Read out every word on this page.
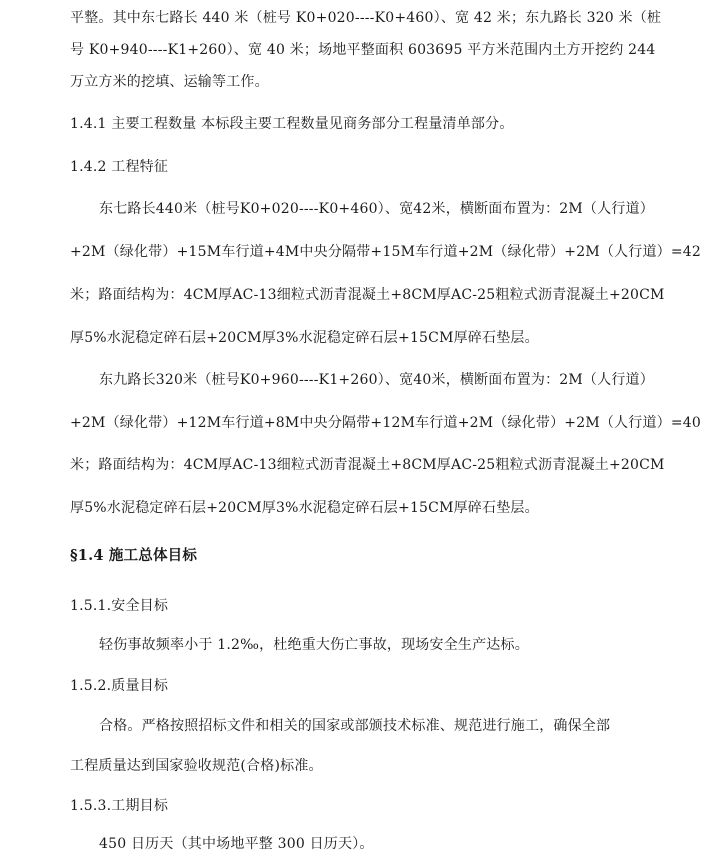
平整。其中东七路长 440 米（桩号 K0+020----K0+460）、宽 42 米；东九路长 320 米（桩
号 K0+940----K1+260）、宽 40 米；场地平整面积 603695 平方米范围内土方开挖约 244
万立方米的挖填、运输等工作。
1.4.1 主要工程数量 本标段主要工程数量见商务部分工程量清单部分。
1.4.2 工程特征
东七路长440米（桩号K0+020----K0+460）、宽42米，横断面布置为：2M（人行道）
+2M（绿化带）+15M车行道+4M中央分隔带+15M车行道+2M（绿化带）+2M（人行道）=42
米；路面结构为：4CM厚AC-13细粒式沥青混凝土+8CM厚AC-25粗粒式沥青混凝土+20CM
厚5%水泥稳定碎石层+20CM厚3%水泥稳定碎石层+15CM厚碎石垫层。
东九路长320米（桩号K0+960----K1+260）、宽40米，横断面布置为：2M（人行道）
+2M（绿化带）+12M车行道+8M中央分隔带+12M车行道+2M（绿化带）+2M（人行道）=40
米；路面结构为：4CM厚AC-13细粒式沥青混凝土+8CM厚AC-25粗粒式沥青混凝土+20CM
厚5%水泥稳定碎石层+20CM厚3%水泥稳定碎石层+15CM厚碎石垫层。
§1.4 施工总体目标
1.5.1.安全目标
轻伤事故频率小于 1.2‰，杜绝重大伤亡事故，现场安全生产达标。
1.5.2.质量目标
合格。严格按照招标文件和相关的国家或部颁技术标准、规范进行施工，确保全部
工程质量达到国家验收规范(合格)标准。
1.5.3.工期目标
450 日历天（其中场地平整 300 日历天）。
